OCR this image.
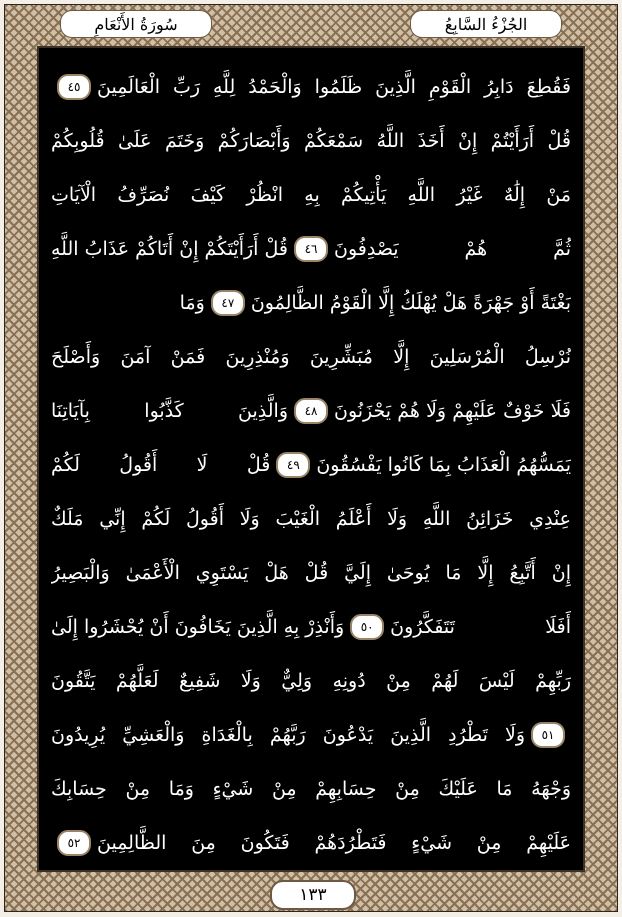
الجُزْءُ السَّابِعُ
سُورَةُ الأَنْعَامِ
فَقُطِعَ دَابِرُ الْقَوْمِ الَّذِينَ ظَلَمُوا وَالْحَمْدُ لِلَّهِ رَبِّ الْعَالَمِينَ
٤٥
قُلْ أَرَأَيْتُمْ إِنْ أَخَذَ اللَّهُ سَمْعَكُمْ وَأَبْصَارَكُمْ وَخَتَمَ عَلَىٰ قُلُوبِكُمْ
مَنْ إِلَٰهٌ غَيْرُ اللَّهِ يَأْتِيكُمْ بِهِ انْظُرْ كَيْفَ نُصَرِّفُ الْآيَاتِ
ثُمَّ هُمْ يَصْدِفُونَ
٤٦
قُلْ أَرَأَيْتَكُمْ إِنْ أَتَاكُمْ عَذَابُ اللَّهِ
بَغْتَةً أَوْ جَهْرَةً هَلْ يُهْلَكُ إِلَّا الْقَوْمُ الظَّالِمُونَ
٤٧
وَمَا
نُرْسِلُ الْمُرْسَلِينَ إِلَّا مُبَشِّرِينَ وَمُنْذِرِينَ فَمَنْ آمَنَ وَأَصْلَحَ
فَلَا خَوْفٌ عَلَيْهِمْ وَلَا هُمْ يَحْزَنُونَ
٤٨
وَالَّذِينَ كَذَّبُوا بِآيَاتِنَا
يَمَسُّهُمُ الْعَذَابُ بِمَا كَانُوا يَفْسُقُونَ
٤٩
قُلْ لَا أَقُولُ لَكُمْ
عِنْدِي خَزَائِنُ اللَّهِ وَلَا أَعْلَمُ الْغَيْبَ وَلَا أَقُولُ لَكُمْ إِنِّي مَلَكٌ
إِنْ أَتَّبِعُ إِلَّا مَا يُوحَىٰ إِلَيَّ قُلْ هَلْ يَسْتَوِي الْأَعْمَىٰ وَالْبَصِيرُ
أَفَلَا تَتَفَكَّرُونَ
٥٠
وَأَنْذِرْ بِهِ الَّذِينَ يَخَافُونَ أَنْ يُحْشَرُوا إِلَىٰ
رَبِّهِمْ لَيْسَ لَهُمْ مِنْ دُونِهِ وَلِيٌّ وَلَا شَفِيعٌ لَعَلَّهُمْ يَتَّقُونَ
٥١
وَلَا تَطْرُدِ الَّذِينَ يَدْعُونَ رَبَّهُمْ بِالْغَدَاةِ وَالْعَشِيِّ يُرِيدُونَ
وَجْهَهُ مَا عَلَيْكَ مِنْ حِسَابِهِمْ مِنْ شَيْءٍ وَمَا مِنْ حِسَابِكَ
عَلَيْهِمْ مِنْ شَيْءٍ فَتَطْرُدَهُمْ فَتَكُونَ مِنَ الظَّالِمِينَ
٥٢
١٣٣
